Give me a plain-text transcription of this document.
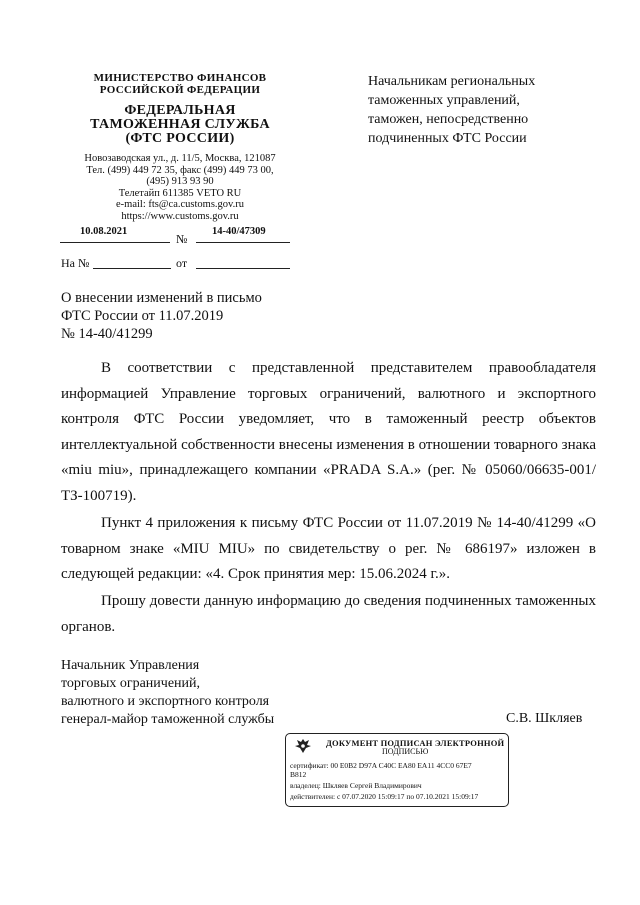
МИНИСТЕРСТВО ФИНАНСОВ
РОССИЙСКОЙ ФЕДЕРАЦИИ
ФЕДЕРАЛЬНАЯ
ТАМОЖЕННАЯ СЛУЖБА
(ФТС РОССИИ)
Новозаводская ул., д. 11/5, Москва, 121087
Тел. (499) 449 72 35, факс (499) 449 73 00,
(495) 913 93 90
Телетайп 611385 VETO RU
e-mail: fts@ca.customs.gov.ru
https://www.customs.gov.ru
10.08.2021
№
14-40/47309
На №	от
Начальникам региональных
таможенных управлений,
таможен, непосредственно
подчиненных ФТС России
О внесении изменений в письмо
ФТС России от 11.07.2019
№ 14-40/41299
В соответствии с представленной представителем правообладателя информацией Управление торговых ограничений, валютного и экспортного контроля ФТС России уведомляет, что в таможенный реестр объектов интеллектуальной собственности внесены изменения в отношении товарного знака «miu miu», принадлежащего компании «PRADA S.A.» (рег. № 05060/06635-001/ТЗ-100719).
Пункт 4 приложения к письму ФТС России от 11.07.2019 № 14-40/41299 «О товарном знаке «MIU MIU» по свидетельству о рег. № 686197» изложен в следующей редакции: «4. Срок принятия мер: 15.06.2024 г.».
Прошу довести данную информацию до сведения подчиненных таможенных органов.
Начальник Управления
торговых ограничений,
валютного и экспортного контроля
генерал-майор таможенной службы	С.В. Шкляев
ДОКУМЕНТ ПОДПИСАН ЭЛЕКТРОННОЙ
ПОДПИСЬЮ
сертификат: 00 E0B2 D97A C40C EA80 EA11 4CC0 67E7
B812
владелец: Шкляев Сергей Владимирович
действителен: с 07.07.2020 15:09:17 по 07.10.2021 15:09:17
